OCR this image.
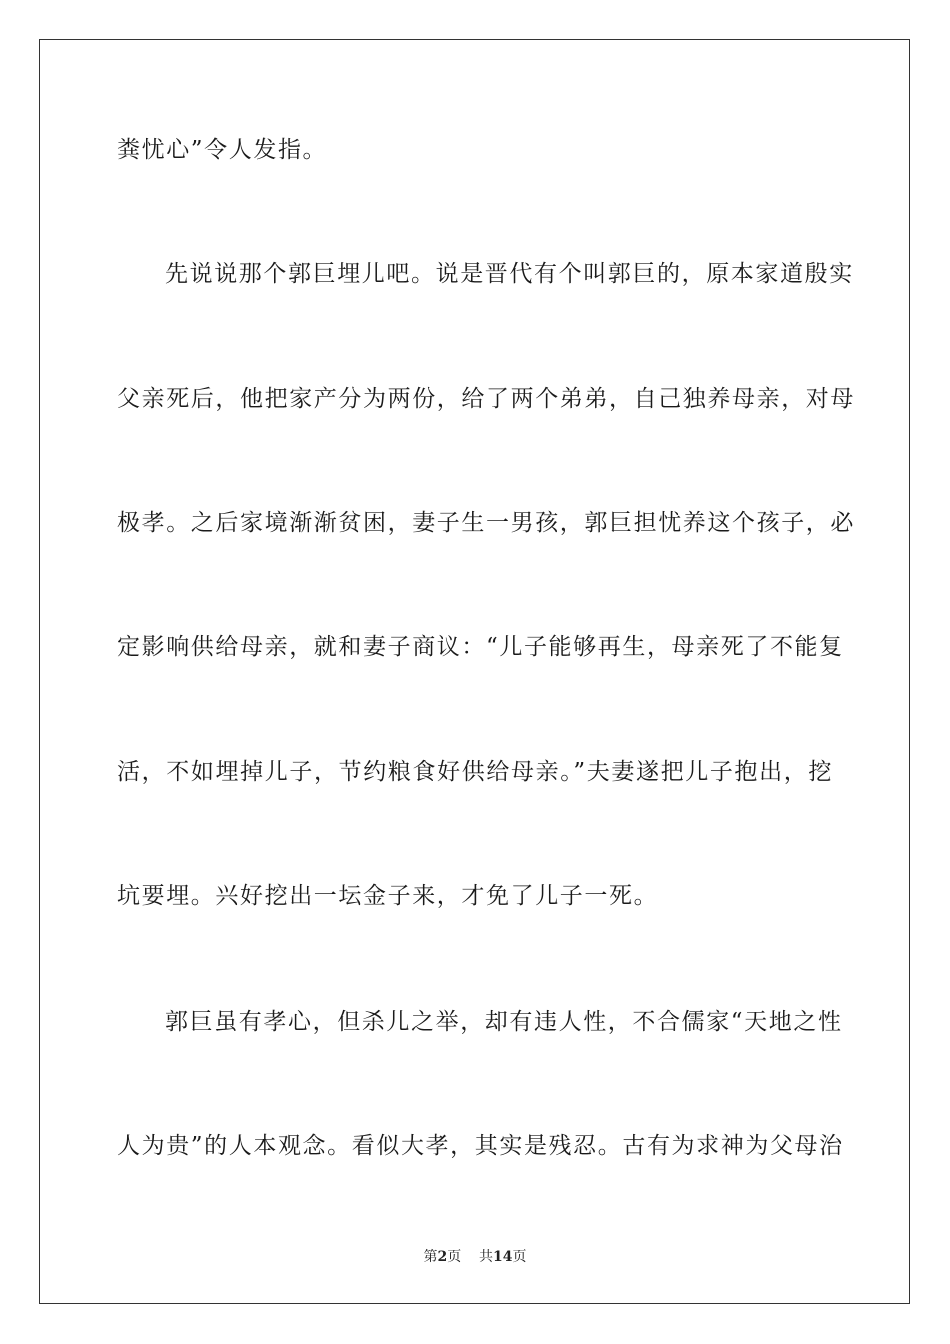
粪忧心”令人发指。
先说说那个郭巨埋儿吧。说是晋代有个叫郭巨的，原本家道殷实
父亲死后，他把家产分为两份，给了两个弟弟，自己独养母亲，对母
极孝。之后家境渐渐贫困，妻子生一男孩，郭巨担忧养这个孩子，必
定影响供给母亲，就和妻子商议：“儿子能够再生，母亲死了不能复
活，不如埋掉儿子，节约粮食好供给母亲。”夫妻遂把儿子抱出，挖
坑要埋。兴好挖出一坛金子来，才免了儿子一死。
郭巨虽有孝心，但杀儿之举，却有违人性，不合儒家“天地之性
人为贵”的人本观念。看似大孝，其实是残忍。古有为求神为父母治
第2页 共14页
